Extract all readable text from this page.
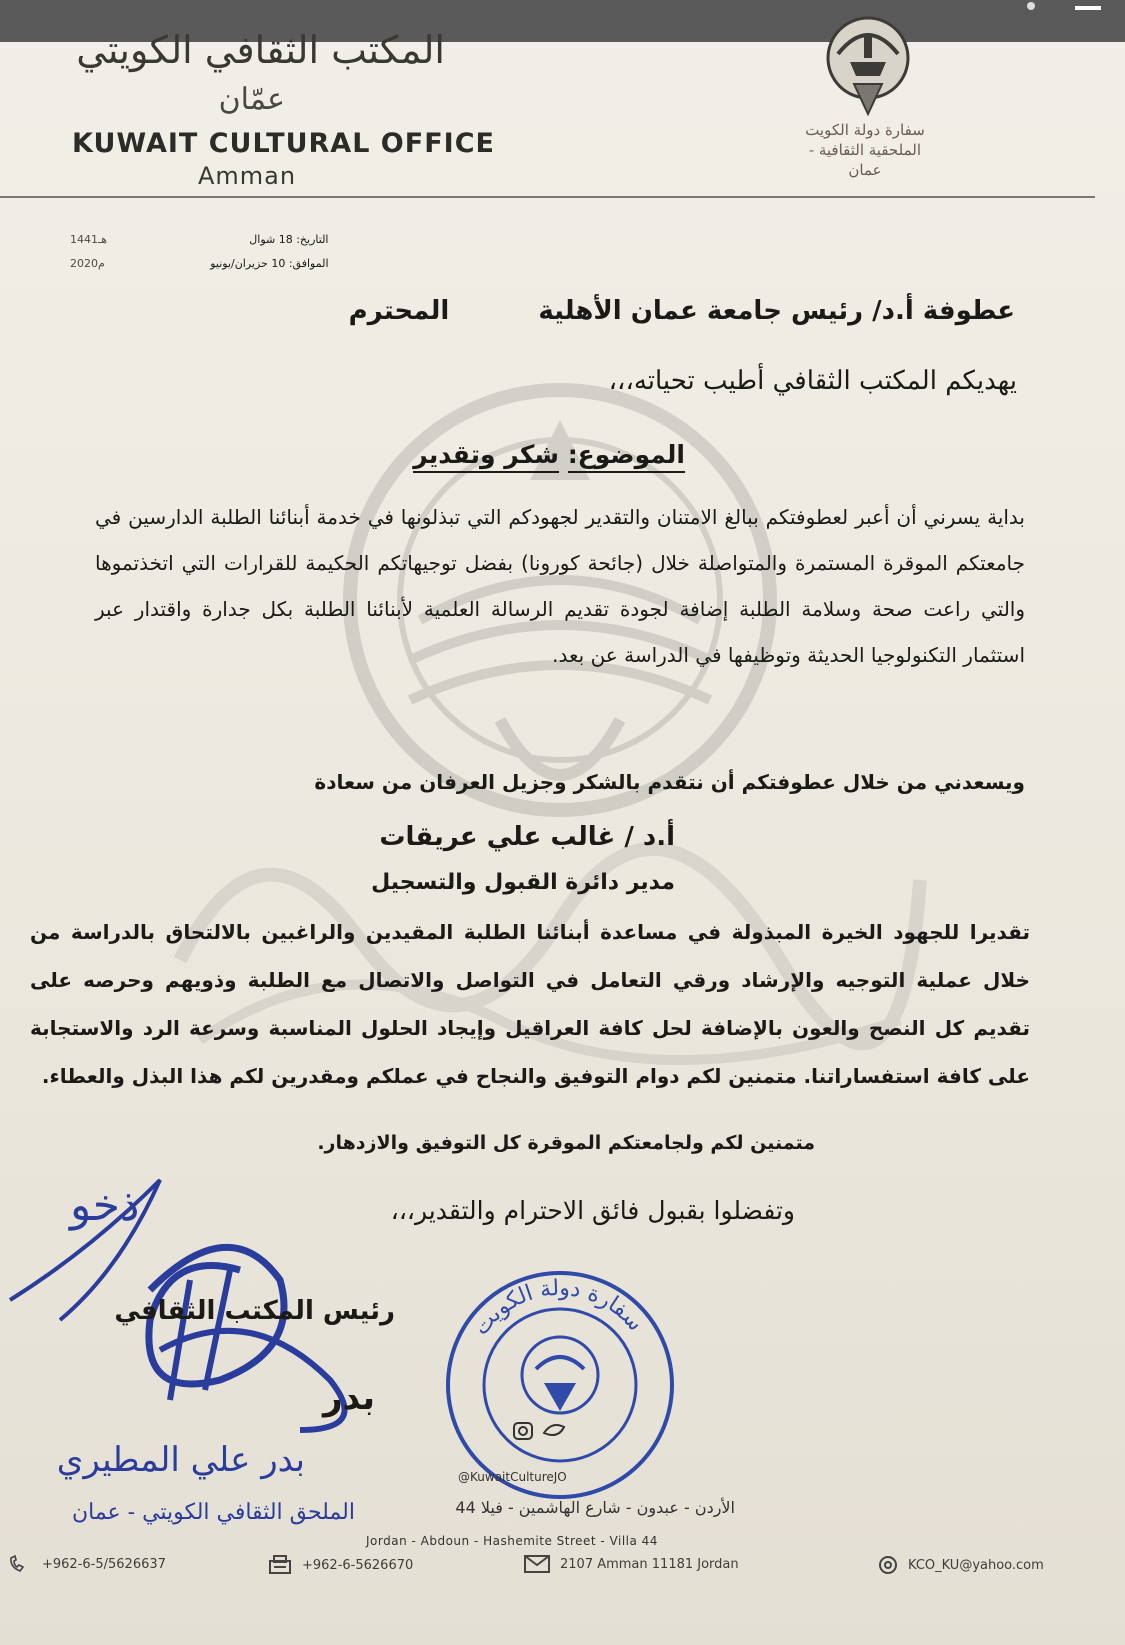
المكتب الثقافي الكويتي
عمّان
KUWAIT CULTURAL OFFICE
Amman
سفارة دولة الكويت
الملحقية الثقافية - عمان
1441هـ	التاريخ: 18 شوال
2020م	الموافق: 10 حزيران/يونيو
عطوفة أ.د/ رئيس جامعة عمان الأهلية المحترم
يهديكم المكتب الثقافي أطيب تحياته،،،
الموضوع: شكر وتقدير
بداية يسرني أن أعبر لعطوفتكم ببالغ الامتنان والتقدير لجهودكم التي تبذلونها في خدمة أبنائنا الطلبة الدارسين في جامعتكم الموقرة المستمرة والمتواصلة خلال (جائحة كورونا) بفضل توجيهاتكم الحكيمة للقرارات التي اتخذتموها والتي راعت صحة وسلامة الطلبة إضافة لجودة تقديم الرسالة العلمية لأبنائنا الطلبة بكل جدارة واقتدار عبر استثمار التكنولوجيا الحديثة وتوظيفها في الدراسة عن بعد.
ويسعدني من خلال عطوفتكم أن نتقدم بالشكر وجزيل العرفان من سعادة
أ.د / غالب علي عريقات
مدير دائرة القبول والتسجيل
تقديرا للجهود الخيرة المبذولة في مساعدة أبنائنا الطلبة المقيدين والراغبين بالالتحاق بالدراسة من خلال عملية التوجيه والإرشاد ورقي التعامل في التواصل والاتصال مع الطلبة وذويهم وحرصه على تقديم كل النصح والعون بالإضافة لحل كافة العراقيل وإيجاد الحلول المناسبة وسرعة الرد والاستجابة على كافة استفساراتنا. متمنين لكم دوام التوفيق والنجاح في عملكم ومقدرين لكم هذا البذل والعطاء.
متمنين لكم ولجامعتكم الموقرة كل التوفيق والازدهار.
وتفضلوا بقبول فائق الاحترام والتقدير،،،
ذخو
رئيس المكتب الثقافي
بدر
بدر علي المطيري
الملحق الثقافي الكويتي - عمان
سفارة دولة الكويت
@KuwaitCultureJO
الأردن - عبدون - شارع الهاشمين - فيلا 44
Jordan - Abdoun - Hashemite Street - Villa 44
+962-6-5/5626637	+962-6-5626670	2107 Amman 11181 Jordan	KCO_KU@yahoo.com
